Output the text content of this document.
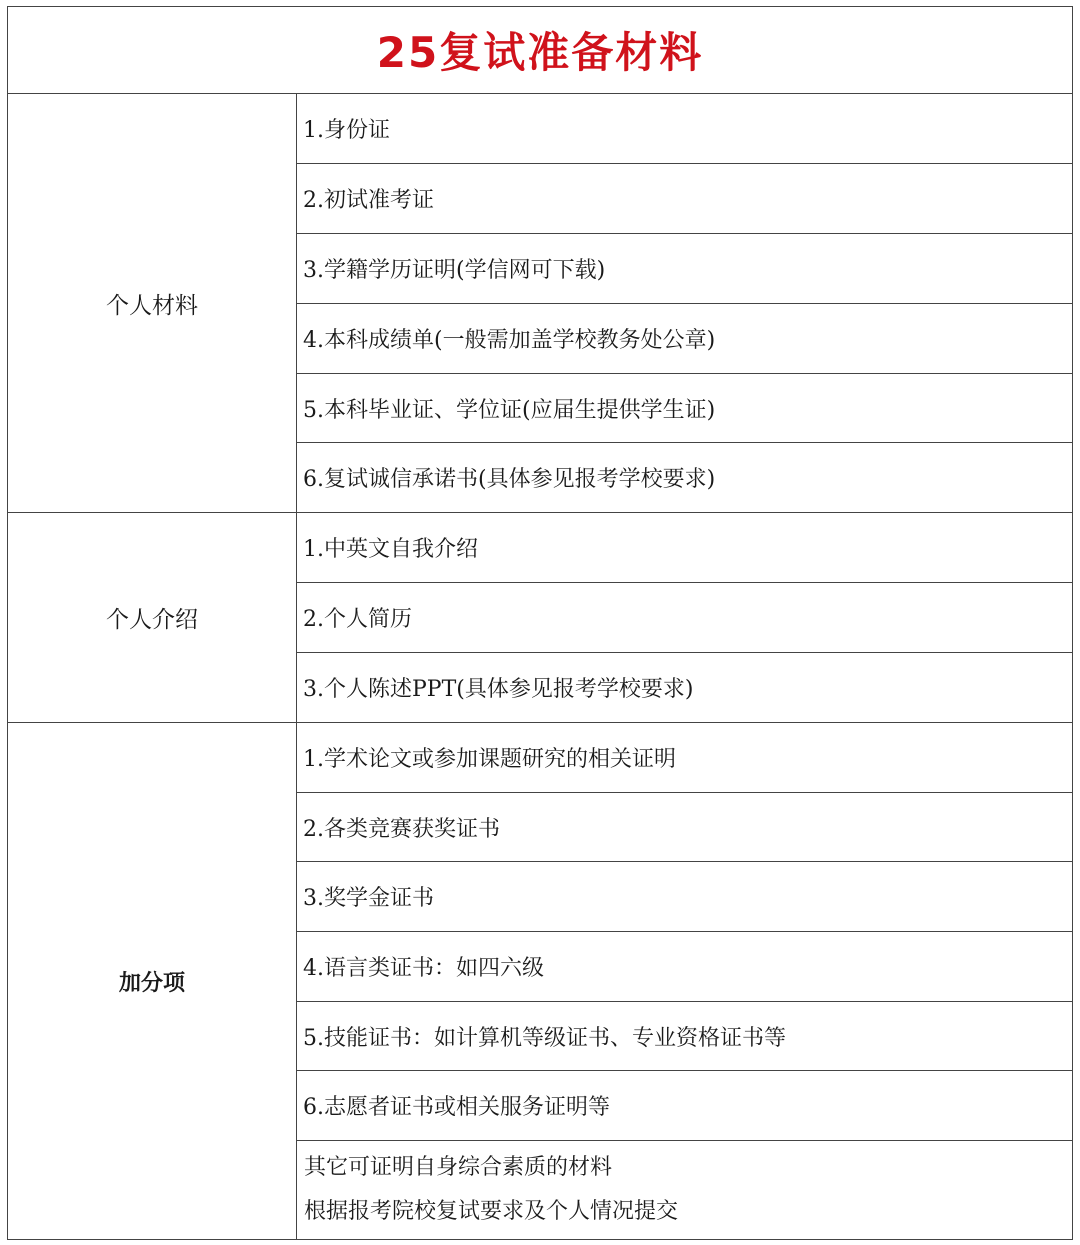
25复试准备材料
个人材料
1.身份证
2.初试准考证
3.学籍学历证明(学信网可下载)
4.本科成绩单(一般需加盖学校教务处公章)
5.本科毕业证、学位证(应届生提供学生证)
6.复试诚信承诺书(具体参见报考学校要求)
个人介绍
1.中英文自我介绍
2.个人简历
3.个人陈述PPT(具体参见报考学校要求)
加分项
1.学术论文或参加课题研究的相关证明
2.各类竞赛获奖证书
3.奖学金证书
4.语言类证书：如四六级
5.技能证书：如计算机等级证书、专业资格证书等
6.志愿者证书或相关服务证明等
其它可证明自身综合素质的材料
根据报考院校复试要求及个人情况提交
